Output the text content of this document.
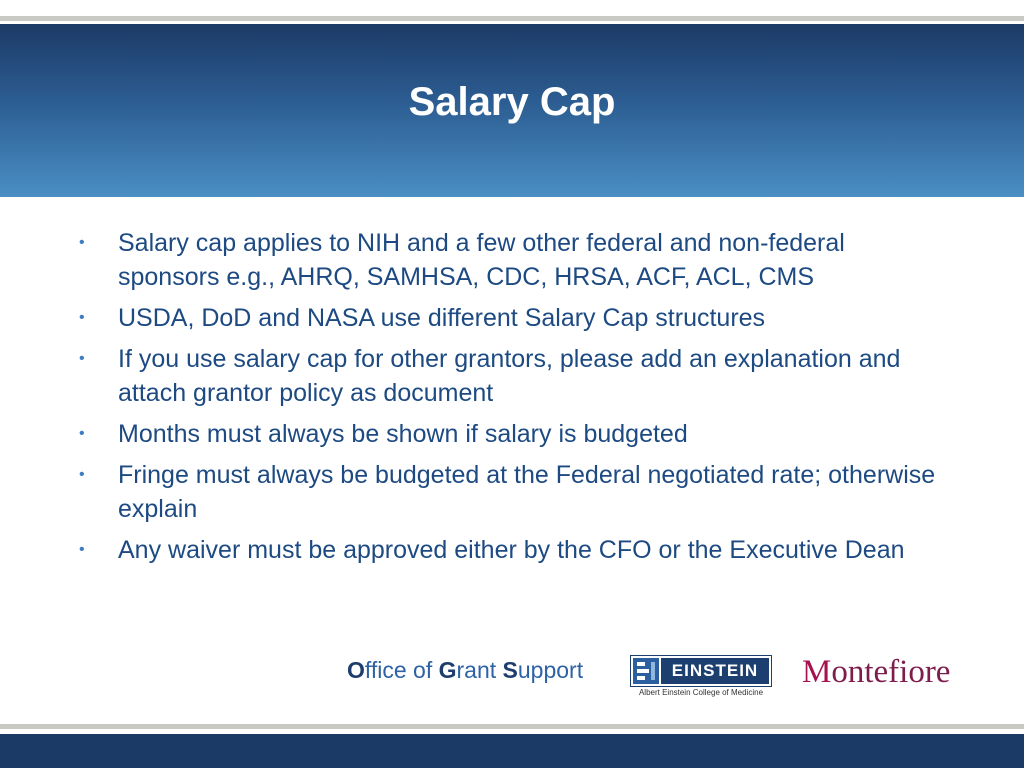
Salary Cap
•	Salary cap applies to NIH and a few other federal and non-federal sponsors e.g., AHRQ, SAMHSA, CDC, HRSA, ACF, ACL, CMS
•	USDA, DoD and NASA use different Salary Cap structures
•	If you use salary cap for other grantors, please add an explanation and attach grantor policy as document
•	Months must always be shown if salary is budgeted
•	Fringe must always be budgeted at the Federal negotiated rate; otherwise explain
•	Any waiver must be approved either by the CFO or the Executive Dean
Office of Grant Support	EINSTEIN
Albert Einstein College of Medicine
Montefiore
